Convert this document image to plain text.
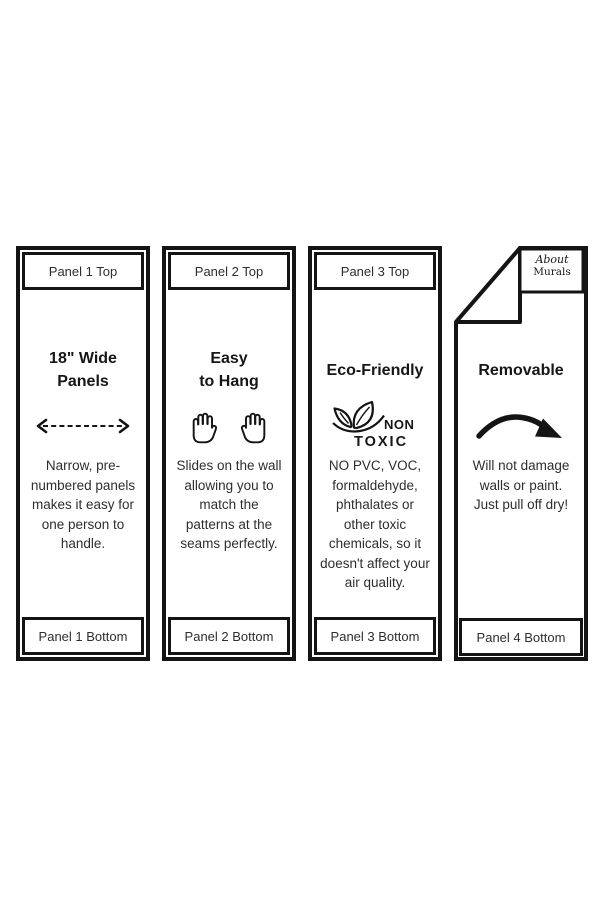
Panel 1 Top
18" Wide
Panels
Narrow, pre-numbered panels makes it easy for one person to handle.
Panel 1 Bottom
Panel 2 Top
Easy
to Hang
Slides on the wall allowing you to match the patterns at the seams perfectly.
Panel 2 Bottom
Panel 3 Top
Eco-Friendly
NON
TOXIC
NO PVC, VOC, formaldehyde, phthalates or other toxic chemicals, so it doesn't affect your air quality.
Panel 3 Bottom
About
Murals
Removable
Will not damage walls or paint.  Just pull off dry!
Panel 4 Bottom
